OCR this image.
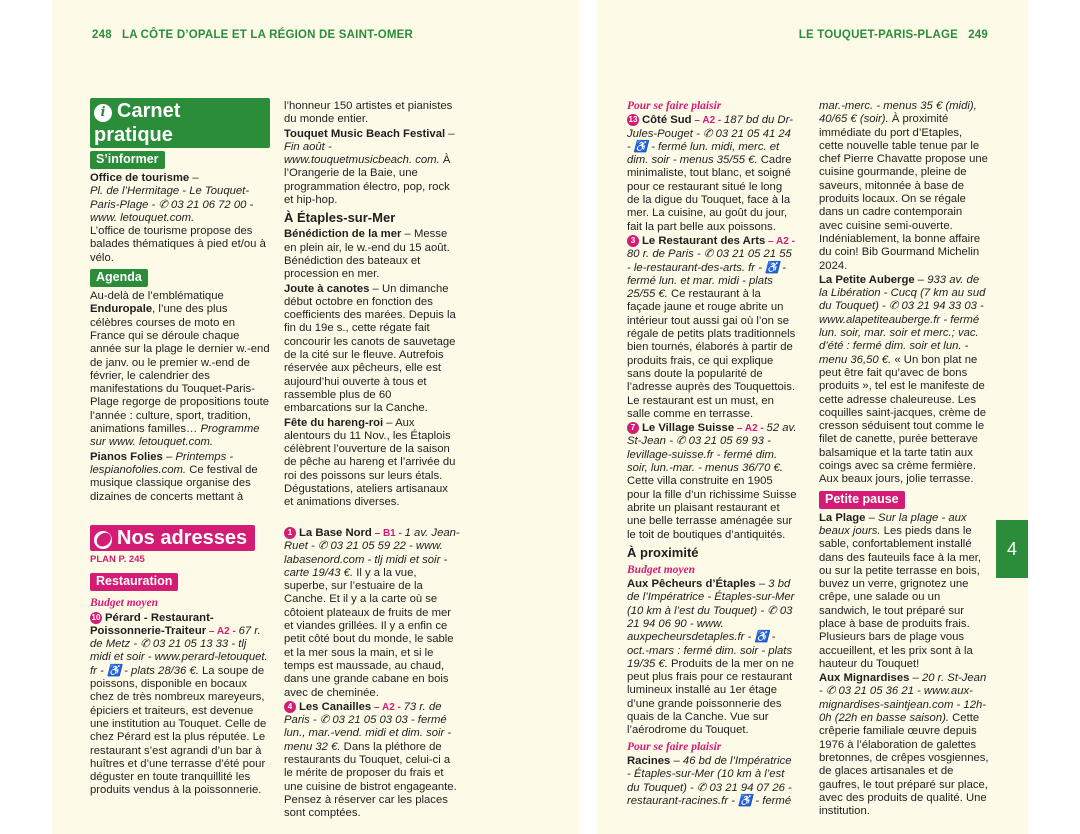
248 LA CÔTE D’OPALE ET LA RÉGION DE SAINT-OMER
i Carnet pratique
S’informer

Office de tourisme –
Pl. de l’Hermitage - Le Touquet-Paris-Plage - ✆ 03 21 06 72 00 - www. letouquet.com.
L’office de tourisme propose des balades thématiques à pied et/ou à vélo.

Agenda

Au-delà de l’emblématique Enduropale, l’une des plus célèbres courses de moto en France qui se déroule chaque année sur la plage le dernier w.-end de janv. ou le premier w.-end de février, le calendrier des manifestations du Touquet-Paris-Plage regorge de propositions toute l’année : culture, sport, tradition, animations familles… Programme sur www. letouquet.com.

Pianos Folies – Printemps - lespianofolies.com. Ce festival de musique classique organise des dizaines de concerts mettant à

l’honneur 150 artistes et pianistes du monde entier.

Touquet Music Beach Festival – Fin août - www.touquetmusicbeach. com. À l’Orangerie de la Baie, une programmation électro, pop, rock et hip-hop.

À Étaples-sur-Mer

Bénédiction de la mer – Messe en plein air, le w.-end du 15 août. Bénédiction des bateaux et procession en mer.

Joute à canotes – Un dimanche début octobre en fonction des coefficients des marées. Depuis la fin du 19e s., cette régate fait concourir les canots de sauvetage de la cité sur le fleuve. Autrefois réservée aux pêcheurs, elle est aujourd’hui ouverte à tous et rassemble plus de 60 embarcations sur la Canche.

Fête du hareng-roi – Aux alentours du 11 Nov., les Étaplois célèbrent l’ouverture de la saison de pêche au hareng et l’arrivée du roi des poissons sur leurs étals. Dégustations, ateliers artisanaux et animations diverses.

⬤ Nos adresses
PLAN P. 245
Restauration
Budget moyen

10 Pérard - Restaurant-Poissonnerie-Traiteur – A2 - 67 r. de Metz - ✆ 03 21 05 13 33 - tlj midi et soir - www.perard-letouquet. fr - ♿ - plats 28/36 €. La soupe de poissons, disponible en bocaux chez de très nombreux mareyeurs, épiciers et traiteurs, est devenue une institution au Touquet. Celle de chez Pérard est la plus réputée. Le restaurant s’est agrandi d’un bar à huîtres et d’une terrasse d’été pour déguster en toute tranquillité les produits vendus à la poissonnerie.

1 La Base Nord – B1 - 1 av. Jean-Ruet - ✆ 03 21 05 59 22 - www. labasenord.com - tlj midi et soir - carte 19/43 €. Il y a la vue, superbe, sur l’estuaire de la Canche. Et il y a la carte où se côtoient plateaux de fruits de mer et viandes grillées. Il y a enfin ce petit côté bout du monde, le sable et la mer sous la main, et si le temps est maussade, au chaud, dans une grande cabane en bois avec de cheminée.

4 Les Canailles – A2 - 73 r. de Paris - ✆ 03 21 05 03 03 - fermé lun., mar.-vend. midi et dim. soir - menu 32 €. Dans la pléthore de restaurants du Touquet, celui-ci a le mérite de proposer du frais et une cuisine de bistrot engageante. Pensez à réserver car les places sont comptées.

LE TOUQUET-PARIS-PLAGE 249
Pour se faire plaisir

13 Côté Sud – A2 - 187 bd du Dr-Jules-Pouget - ✆ 03 21 05 41 24 - ♿ - fermé lun. midi, merc. et dim. soir - menus 35/55 €. Cadre minimaliste, tout blanc, et soigné pour ce restaurant situé le long de la digue du Touquet, face à la mer. La cuisine, au goût du jour, fait la part belle aux poissons.

3 Le Restaurant des Arts – A2 - 80 r. de Paris - ✆ 03 21 05 21 55 - le-restaurant-des-arts. fr - ♿ - fermé lun. et mar. midi - plats 25/55 €. Ce restaurant à la façade jaune et rouge abrite un intérieur tout aussi gai où l’on se régale de petits plats traditionnels bien tournés, élaborés à partir de produits frais, ce qui explique sans doute la popularité de l’adresse auprès des Touquettois. Le restaurant est un must, en salle comme en terrasse.

7 Le Village Suisse – A2 - 52 av. St-Jean - ✆ 03 21 05 69 93 - levillage-suisse.fr - fermé dim. soir, lun.-mar. - menus 36/70 €. Cette villa construite en 1905 pour la fille d’un richissime Suisse abrite un plaisant restaurant et une belle terrasse aménagée sur le toit de boutiques d’antiquités.

À proximité
Budget moyen

Aux Pêcheurs d’Étaples – 3 bd de l’Impératrice - Étaples-sur-Mer (10 km à l’est du Touquet) - ✆ 03 21 94 06 90 - www. auxpecheursdetaples.fr - ♿ - oct.-mars : fermé dim. soir - plats 19/35 €. Produits de la mer on ne peut plus frais pour ce restaurant lumineux installé au 1er étage d’une grande poissonnerie des quais de la Canche. Vue sur l’aérodrome du Touquet.

Pour se faire plaisir

Racines – 46 bd de l’Impératrice - Étaples-sur-Mer (10 km à l’est du Touquet) - ✆ 03 21 94 07 26 - restaurant-racines.fr - ♿ - fermé

mar.-merc. - menus 35 € (midi), 40/65 € (soir). À proximité immédiate du port d’Etaples, cette nouvelle table tenue par le chef Pierre Chavatte propose une cuisine gourmande, pleine de saveurs, mitonnée à base de produits locaux. On se régale dans un cadre contemporain avec cuisine semi-ouverte. Indéniablement, la bonne affaire du coin! Bib Gourmand Michelin 2024.

La Petite Auberge – 933 av. de la Libération - Cucq (7 km au sud du Touquet) - ✆ 03 21 94 33 03 - www.alapetiteauberge.fr - fermé lun. soir, mar. soir et merc.; vac. d’été : fermé dim. soir et lun. - menu 36,50 €. « Un bon plat ne peut être fait qu’avec de bons produits », tel est le manifeste de cette adresse chaleureuse. Les coquilles saint-jacques, crème de cresson séduisent tout comme le filet de canette, purée betterave balsamique et la tarte tatin aux coings avec sa crème fermière. Aux beaux jours, jolie terrasse.

Petite pause

La Plage – Sur la plage - aux beaux jours. Les pieds dans le sable, confortablement installé dans des fauteuils face à la mer, ou sur la petite terrasse en bois, buvez un verre, grignotez une crêpe, une salade ou un sandwich, le tout préparé sur place à base de produits frais. Plusieurs bars de plage vous accueillent, et les prix sont à la hauteur du Touquet!

Aux Mignardises – 20 r. St-Jean - ✆ 03 21 05 36 21 - www.aux-mignardises-saintjean.com - 12h-0h (22h en basse saison). Cette crêperie familiale œuvre depuis 1976 à l’élaboration de galettes bretonnes, de crêpes vosgiennes, de glaces artisanales et de gaufres, le tout préparé sur place, avec des produits de qualité. Une institution.

4
